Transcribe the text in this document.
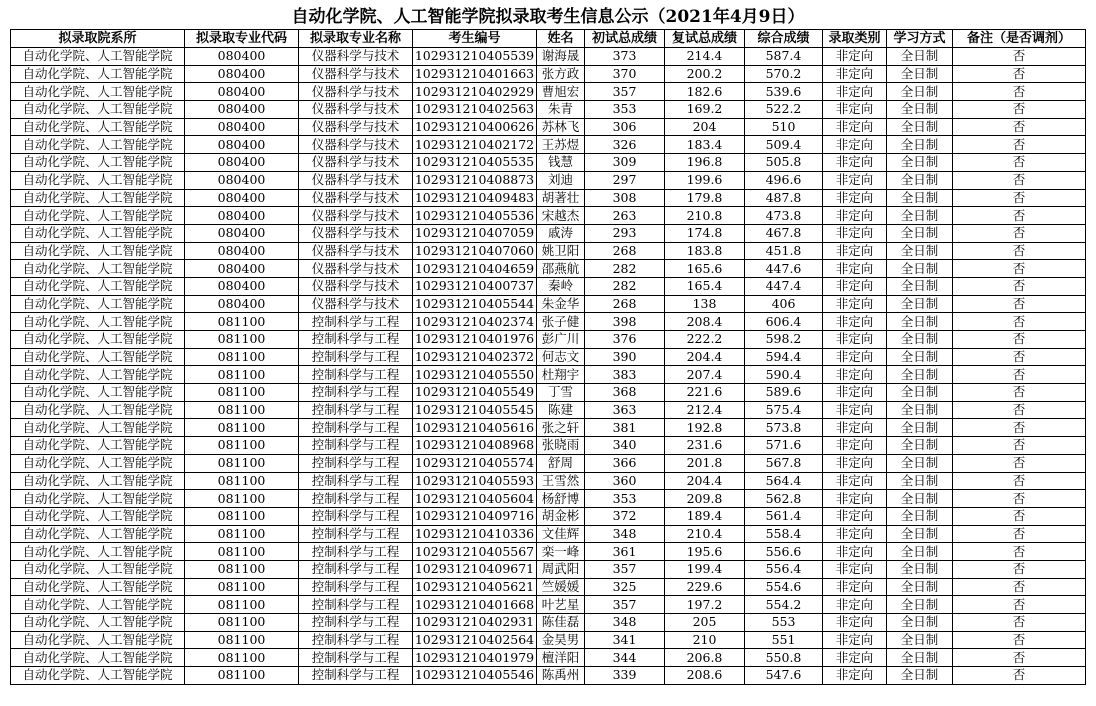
自动化学院、人工智能学院拟录取考生信息公示（2021年4月9日）
拟录取院系所	拟录取专业代码	拟录取专业名称	考生编号	姓名	初试总成绩	复试总成绩	综合成绩	录取类别	学习方式	备注（是否调剂）
自动化学院、人工智能学院	080400	仪器科学与技术	102931210405539	谢海晟	373	214.4	587.4	非定向	全日制	否
自动化学院、人工智能学院	080400	仪器科学与技术	102931210401663	张方政	370	200.2	570.2	非定向	全日制	否
自动化学院、人工智能学院	080400	仪器科学与技术	102931210402929	曹旭宏	357	182.6	539.6	非定向	全日制	否
自动化学院、人工智能学院	080400	仪器科学与技术	102931210402563	朱青	353	169.2	522.2	非定向	全日制	否
自动化学院、人工智能学院	080400	仪器科学与技术	102931210400626	苏林飞	306	204	510	非定向	全日制	否
自动化学院、人工智能学院	080400	仪器科学与技术	102931210402172	王苏煜	326	183.4	509.4	非定向	全日制	否
自动化学院、人工智能学院	080400	仪器科学与技术	102931210405535	钱慧	309	196.8	505.8	非定向	全日制	否
自动化学院、人工智能学院	080400	仪器科学与技术	102931210408873	刘迪	297	199.6	496.6	非定向	全日制	否
自动化学院、人工智能学院	080400	仪器科学与技术	102931210409483	胡著壮	308	179.8	487.8	非定向	全日制	否
自动化学院、人工智能学院	080400	仪器科学与技术	102931210405536	宋越杰	263	210.8	473.8	非定向	全日制	否
自动化学院、人工智能学院	080400	仪器科学与技术	102931210407059	戚涛	293	174.8	467.8	非定向	全日制	否
自动化学院、人工智能学院	080400	仪器科学与技术	102931210407060	姚卫阳	268	183.8	451.8	非定向	全日制	否
自动化学院、人工智能学院	080400	仪器科学与技术	102931210404659	邵燕航	282	165.6	447.6	非定向	全日制	否
自动化学院、人工智能学院	080400	仪器科学与技术	102931210400737	秦岭	282	165.4	447.4	非定向	全日制	否
自动化学院、人工智能学院	080400	仪器科学与技术	102931210405544	朱金华	268	138	406	非定向	全日制	否
自动化学院、人工智能学院	081100	控制科学与工程	102931210402374	张子健	398	208.4	606.4	非定向	全日制	否
自动化学院、人工智能学院	081100	控制科学与工程	102931210401976	彭广川	376	222.2	598.2	非定向	全日制	否
自动化学院、人工智能学院	081100	控制科学与工程	102931210402372	何志文	390	204.4	594.4	非定向	全日制	否
自动化学院、人工智能学院	081100	控制科学与工程	102931210405550	杜翔宇	383	207.4	590.4	非定向	全日制	否
自动化学院、人工智能学院	081100	控制科学与工程	102931210405549	丁雪	368	221.6	589.6	非定向	全日制	否
自动化学院、人工智能学院	081100	控制科学与工程	102931210405545	陈建	363	212.4	575.4	非定向	全日制	否
自动化学院、人工智能学院	081100	控制科学与工程	102931210405616	张之轩	381	192.8	573.8	非定向	全日制	否
自动化学院、人工智能学院	081100	控制科学与工程	102931210408968	张晓雨	340	231.6	571.6	非定向	全日制	否
自动化学院、人工智能学院	081100	控制科学与工程	102931210405574	舒周	366	201.8	567.8	非定向	全日制	否
自动化学院、人工智能学院	081100	控制科学与工程	102931210405593	王雪然	360	204.4	564.4	非定向	全日制	否
自动化学院、人工智能学院	081100	控制科学与工程	102931210405604	杨舒博	353	209.8	562.8	非定向	全日制	否
自动化学院、人工智能学院	081100	控制科学与工程	102931210409716	胡金彬	372	189.4	561.4	非定向	全日制	否
自动化学院、人工智能学院	081100	控制科学与工程	102931210410336	文佳辉	348	210.4	558.4	非定向	全日制	否
自动化学院、人工智能学院	081100	控制科学与工程	102931210405567	栾一峰	361	195.6	556.6	非定向	全日制	否
自动化学院、人工智能学院	081100	控制科学与工程	102931210409671	周武阳	357	199.4	556.4	非定向	全日制	否
自动化学院、人工智能学院	081100	控制科学与工程	102931210405621	竺媛媛	325	229.6	554.6	非定向	全日制	否
自动化学院、人工智能学院	081100	控制科学与工程	102931210401668	叶艺星	357	197.2	554.2	非定向	全日制	否
自动化学院、人工智能学院	081100	控制科学与工程	102931210402931	陈佳磊	348	205	553	非定向	全日制	否
自动化学院、人工智能学院	081100	控制科学与工程	102931210402564	金昊男	341	210	551	非定向	全日制	否
自动化学院、人工智能学院	081100	控制科学与工程	102931210401979	檀洋阳	344	206.8	550.8	非定向	全日制	否
自动化学院、人工智能学院	081100	控制科学与工程	102931210405546	陈禹州	339	208.6	547.6	非定向	全日制	否
